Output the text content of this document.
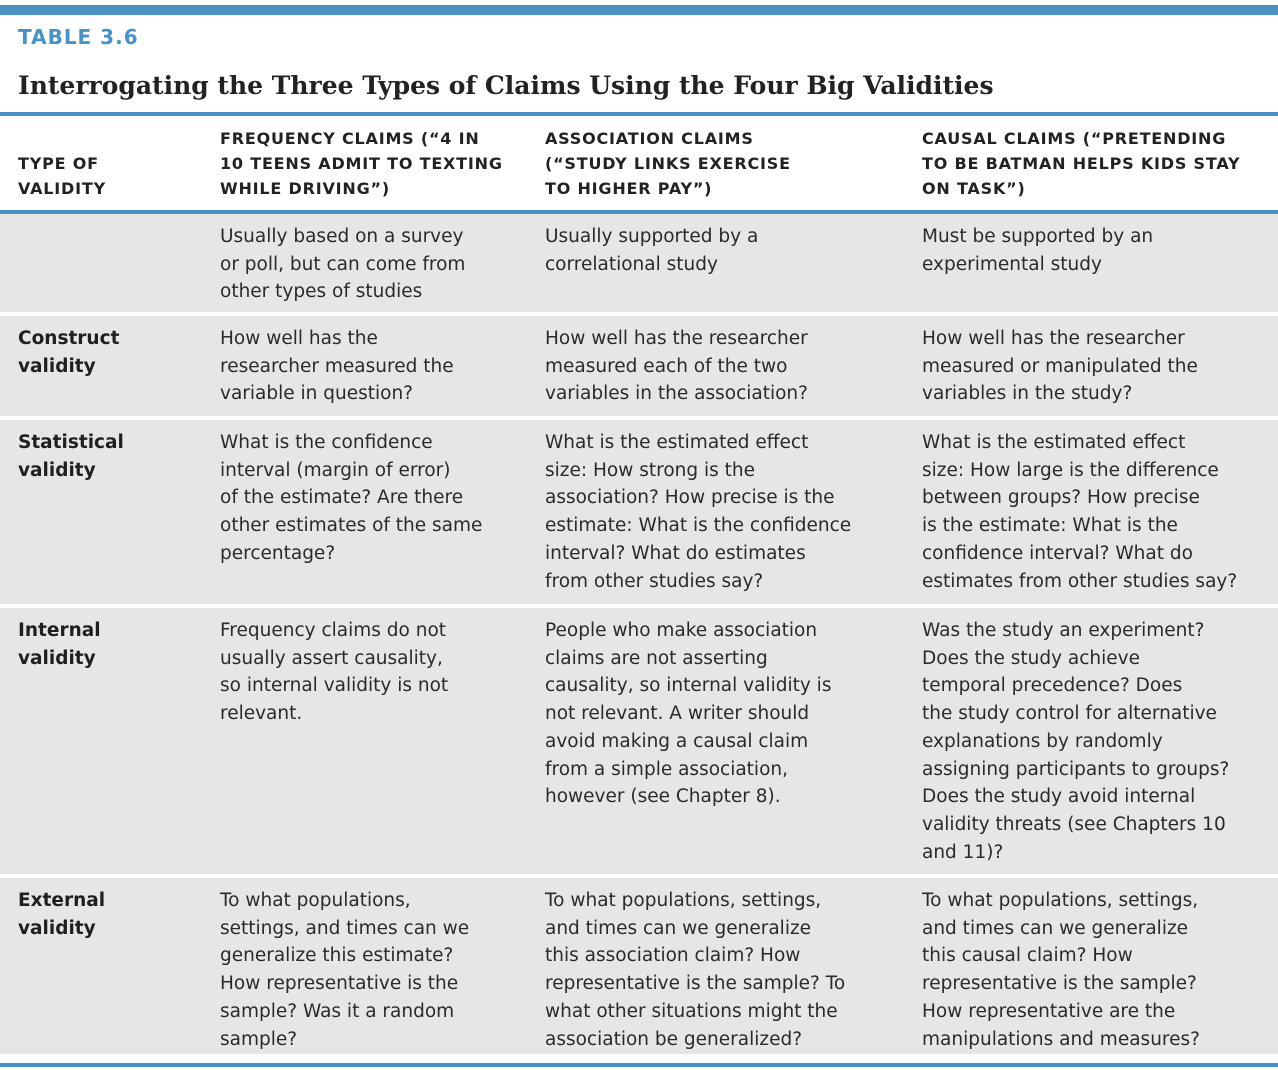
TABLE 3.6
Interrogating the Three Types of Claims Using the Four Big Validities
TYPE OF
VALIDITY
FREQUENCY CLAIMS (“4 IN
10 TEENS ADMIT TO TEXTING
WHILE DRIVING”)
ASSOCIATION CLAIMS
(“STUDY LINKS EXERCISE
TO HIGHER PAY”)
CAUSAL CLAIMS (“PRETENDING
TO BE BATMAN HELPS KIDS STAY
ON TASK”)
Usually based on a survey
or poll, but can come from
other types of studies
Usually supported by a
correlational study
Must be supported by an
experimental study
Construct
validity
How well has the
researcher measured the
variable in question?
How well has the researcher
measured each of the two
variables in the association?
How well has the researcher
measured or manipulated the
variables in the study?
Statistical
validity
What is the confidence
interval (margin of error)
of the estimate? Are there
other estimates of the same
percentage?
What is the estimated effect
size: How strong is the
association? How precise is the
estimate: What is the confidence
interval? What do estimates
from other studies say?
What is the estimated effect
size: How large is the difference
between groups? How precise
is the estimate: What is the
confidence interval? What do
estimates from other studies say?
Internal
validity
Frequency claims do not
usually assert causality,
so internal validity is not
relevant.
People who make association
claims are not asserting
causality, so internal validity is
not relevant. A writer should
avoid making a causal claim
from a simple association,
however (see Chapter 8).
Was the study an experiment?
Does the study achieve
temporal precedence? Does
the study control for alternative
explanations by randomly
assigning participants to groups?
Does the study avoid internal
validity threats (see Chapters 10
and 11)?
External
validity
To what populations,
settings, and times can we
generalize this estimate?
How representative is the
sample? Was it a random
sample?
To what populations, settings,
and times can we generalize
this association claim? How
representative is the sample? To
what other situations might the
association be generalized?
To what populations, settings,
and times can we generalize
this causal claim? How
representative is the sample?
How representative are the
manipulations and measures?
